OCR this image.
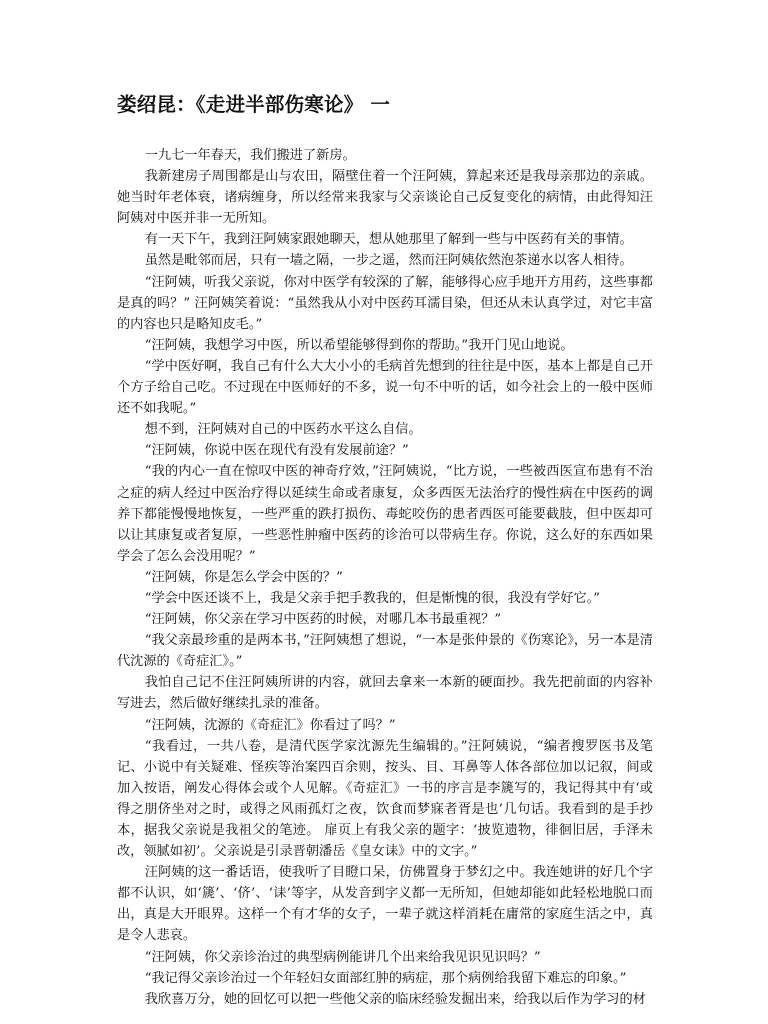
娄绍昆：《走进半部伤寒论》 一

一九七一年春天，我们搬进了新房。

我新建房子周围都是山与农田，隔壁住着一个汪阿姨，算起来还是我母亲那边的亲戚。她当时年老体衰，诸病缠身，所以经常来我家与父亲谈论自己反复变化的病情，由此得知汪阿姨对中医并非一无所知。

有一天下午，我到汪阿姨家跟她聊天，想从她那里了解到一些与中医药有关的事情。

虽然是毗邻而居，只有一墙之隔，一步之遥，然而汪阿姨依然泡茶递水以客人相待。

“汪阿姨，听我父亲说，你对中医学有较深的了解，能够得心应手地开方用药，这些事都是真的吗？” 汪阿姨笑着说：“虽然我从小对中医药耳濡目染，但还从未认真学过，对它丰富的内容也只是略知皮毛。”

“汪阿姨，我想学习中医，所以希望能够得到你的帮助。”我开门见山地说。

“学中医好啊，我自己有什么大大小小的毛病首先想到的往往是中医，基本上都是自己开个方子给自己吃。不过现在中医师好的不多，说一句不中听的话，如今社会上的一般中医师还不如我呢。”

想不到，汪阿姨对自己的中医药水平这么自信。

“汪阿姨，你说中医在现代有没有发展前途？”

“我的内心一直在惊叹中医的神奇疗效，”汪阿姨说，“比方说，一些被西医宣布患有不治之症的病人经过中医治疗得以延续生命或者康复，众多西医无法治疗的慢性病在中医药的调养下都能慢慢地恢复，一些严重的跌打损伤、毒蛇咬伤的患者西医可能要截肢，但中医却可以让其康复或者复原，一些恶性肿瘤中医药的诊治可以带病生存。你说，这么好的东西如果学会了怎么会没用呢？”

“汪阿姨，你是怎么学会中医的？”

“学会中医还谈不上，我是父亲手把手教我的，但是惭愧的很，我没有学好它。”

“汪阿姨，你父亲在学习中医药的时候，对哪几本书最重视？”

“我父亲最珍重的是两本书，”汪阿姨想了想说，“一本是张仲景的《伤寒论》，另一本是清代沈源的《奇症汇》。”

我怕自己记不住汪阿姨所讲的内容，就回去拿来一本新的硬面抄。我先把前面的内容补写进去，然后做好继续扎录的准备。

“汪阿姨，沈源的《奇症汇》你看过了吗？”

“我看过，一共八卷，是清代医学家沈源先生编辑的。”汪阿姨说，“编者搜罗医书及笔记、小说中有关疑难、怪疾等治案四百余则，按头、目、耳鼻等人体各部位加以记叙，间或加入按语，阐发心得体会或个人见解。《奇症汇》一书的序言是李篪写的，我记得其中有‘或得之朋侪坐对之时，或得之风雨孤灯之夜，饮食而梦寐者胥是也’几句话。我看到的是手抄本，据我父亲说是我祖父的笔迹。 扉页上有我父亲的题字：‘披览遗物，徘徊旧居，手泽未改，领腻如初’。父亲说是引录晋朝潘岳《皇女诔》中的文字。”

汪阿姨的这一番话语，使我听了目瞪口呆，仿佛置身于梦幻之中。我连她讲的好几个字都不认识，如‘篪’、‘侪’、‘诔’等字，从发音到字义都一无所知，但她却能如此轻松地脱口而出，真是大开眼界。这样一个有才华的女子，一辈子就这样消耗在庸常的家庭生活之中，真是令人悲哀。

“汪阿姨，你父亲诊治过的典型病例能讲几个出来给我见识见识吗？”

“我记得父亲诊治过一个年轻妇女面部红肿的病症，那个病例给我留下难忘的印象。”

我欣喜万分，她的回忆可以把一些他父亲的临床经验发掘出来，给我以后作为学习的材
